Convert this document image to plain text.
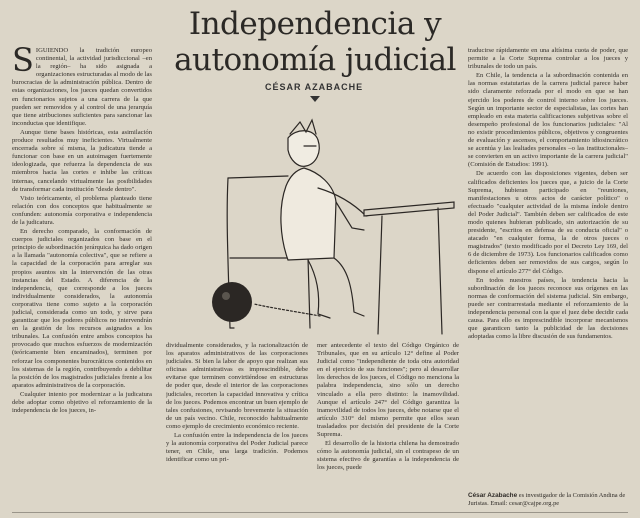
Independencia y
autonomía judicial
CÉSAR AZABACHE
S IGUIENDO la tradición europeo continental, la actividad jurisdiccional –en la región– ha sido asignada a organizaciones estructuradas al modo de las burocracias de la administración pública. Dentro de estas organizaciones, los jueces quedan convertidos en funcionarios sujetos a una carrera de la que pueden ser removidos y al control de una jerarquía que tiene atribuciones suficientes para sancionar las inconductas que identifique.

Aunque tiene bases históricas, esta asimilación produce resultados muy ineficientes. Virtualmente encerrada sobre sí misma, la judicatura tiende a funcionar con base en un autoimagen fuertemente ideologizada, que refuerza la dependencia de sus miembros hacia las cortes e inhibe las críticas internas, cancelando virtualmente las posibilidades de transformar cada institución "desde dentro".

Visto teóricamente, el problema planteado tiene relación con dos conceptos que habitualmente se confunden: autonomía corporativa e independencia de la judicatura.

En derecho comparado, la conformación de cuerpos judiciales organizados con base en el principio de subordinación jerárquica ha dado origen a la llamada "autonomía colectiva", que se refiere a la capacidad de la corporación para arreglar sus propios asuntos sin la intervención de las otras instancias del Estado. A diferencia de la independencia, que corresponde a los jueces individualmente considerados, la autonomía corporativa tiene como sujeto a la corporación judicial, considerada como un todo, y sirve para garantizar que los poderes públicos no intervendrán en la gestión de los recursos asignados a los tribunales. La confusión entre ambos conceptos ha provocado que muchos esfuerzos de modernización (teóricamente bien encaminados), terminen por reforzar los componentes burocráticos contenidos en los sistemas de la región, contribuyendo a debilitar la posición de los magistrados judiciales frente a los aparatos administrativos de la corporación.

Cualquier intento por modernizar a la judicatura debe adoptar como objetivo el reforzamiento de la independencia de los jueces, in-

dividualmente considerados, y la racionalización de los aparatos administrativos de las corporaciones judiciales. Si bien la labor de apoyo que realizan sus oficinas administrativas es imprescindible, debe evitarse que terminen convirtiéndose en estructuras de poder que, desde el interior de las corporaciones judiciales, recorten la capacidad innovativa y crítica de los jueces. Podemos encontrar un buen ejemplo de tales confusiones, revisando brevemente la situación de un país vecino. Chile, reconocido habitualmente como ejemplo de crecimiento económico reciente.

La confusión entre la independencia de los jueces y la autonomía corporativa del Poder Judicial parece tener, en Chile, una larga tradición. Podemos identificar como un pri-

mer antecedente el texto del Código Orgánico de Tribunales, que en su artículo 12° define al Poder Judicial como "independiente de toda otra autoridad en el ejercicio de sus funciones"; pero al desarrollar los derechos de los jueces, el Código no menciona la palabra independencia, sino sólo un derecho vinculado a ella pero distinto: la inamovilidad. Aunque el artículo 247° del Código garantiza la inamovilidad de todos los jueces, debe notarse que el artículo 310° del mismo permite que ellos sean trasladados por decisión del presidente de la Corte Suprema.

El desarrollo de la historia chilena ha demostrado cómo la autonomía judicial, sin el contrapeso de un sistema efectivo de garantías a la independencia de los jueces, puede

traducirse rápidamente en una altísima cuota de poder, que permite a la Corte Suprema controlar a los jueces y tribunales de todo un país.

En Chile, la tendencia a la subordinación contenida en las normas estatutarias de la carrera judicial parece haber sido claramente reforzada por el modo en que se han ejercido los poderes de control interno sobre los jueces. Según un importante sector de especialistas, las cortes han empleado en esta materia calificaciones subjetivas sobre el desempeño profesional de los funcionarios judiciales: "Al no existir procedimientos públicos, objetivos y congruentes de evaluación y ascensos, el comportamiento idiosincrático se acentúa y las lealtades personales –o las institucionales– se convierten en un activo importante de la carrera judicial" (Comisión de Estudios: 1991).

De acuerdo con las disposiciones vigentes, deben ser calificados deficientes los jueces que, a juicio de la Corte Suprema, hubieran participado en "reuniones, manifestaciones u otros actos de carácter político" o efectuado "cualquier actividad de la misma índole dentro del Poder Judicial". También deben ser calificados de este modo quienes hubieran publicado, sin autorización de su presidente, "escritos en defensa de su conducta oficial" o atacado "en cualquier forma, la de otros jueces o magistrados" (texto modificado por el Decreto Ley 169, del 6 de diciembre de 1973). Los funcionarios calificados como deficientes deben ser removidos de sus cargos, según lo dispone el artículo 277° del Código.

En todos nuestros países, la tendencia hacia la subordinación de los jueces reconoce sus orígenes en las normas de conformación del sistema judicial. Sin embargo, puede ser contrarrestada mediante el reforzamiento de la independencia personal con la que el juez debe decidir cada causa. Para ello es imprescindible incorporar mecanismos que garanticen tanto la publicidad de las decisiones adoptadas como la libre discusión de sus fundamentos.

César Azabache es investigador de la Comisión Andina de Juristas. Email: cesar@cajpe.org.pe
